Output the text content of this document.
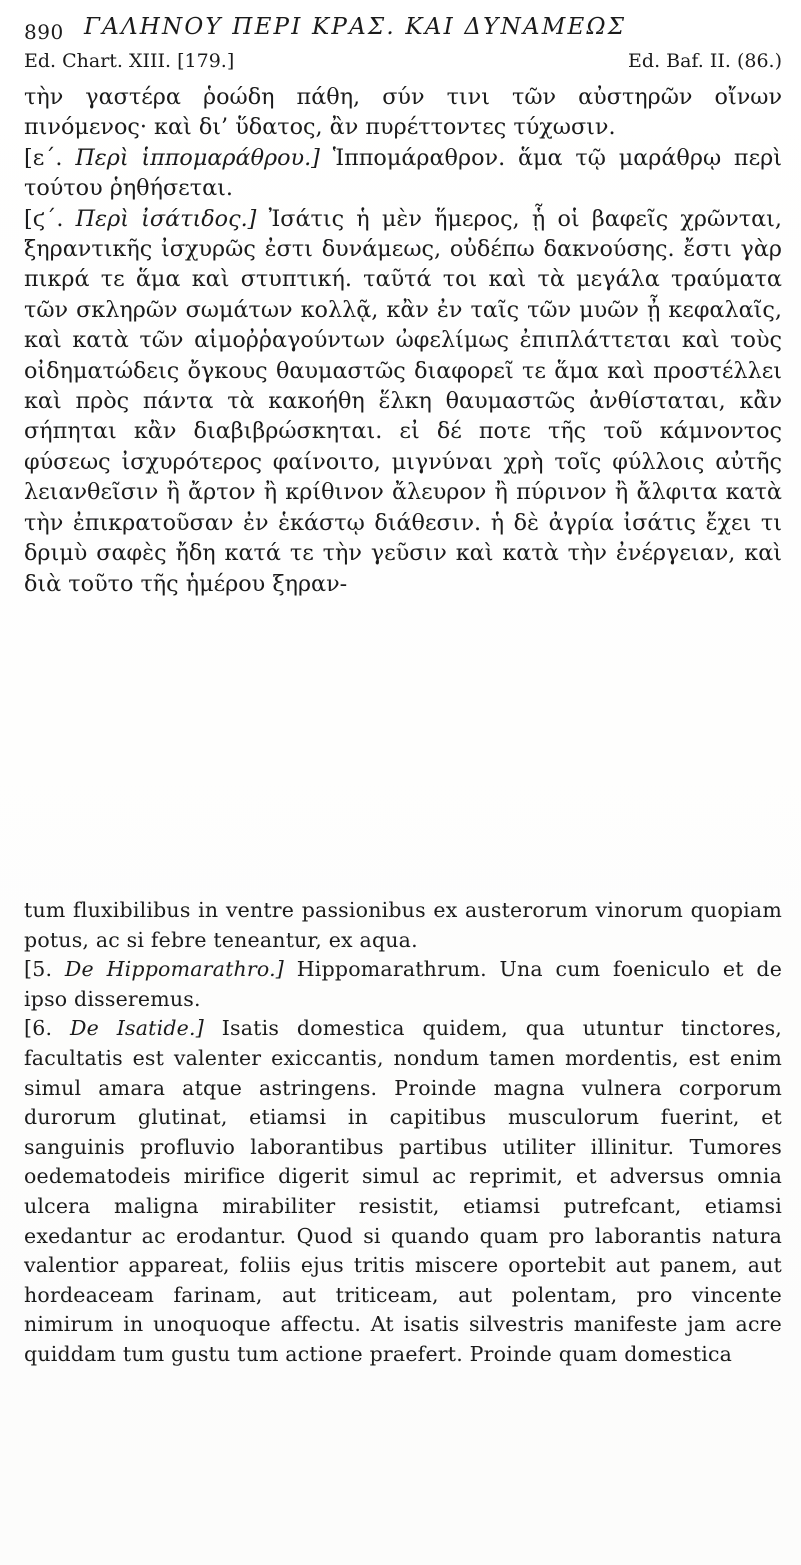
890 ΓΑΛΗΝΟΥ ΠΕΡΙ ΚΡΑΣ. ΚΑΙ ΔΥΝΑΜΕΩΣ
Ed. Chart. XIII. [179.]	Ed. Baf. II. (86.)

τὴν γαστέρα ῥοώδη πάθη, σύν τινι τῶν αὐστηρῶν οἴνων πινόμενος· καὶ δι’ ὕδατος, ἂν πυρέττοντες τύχωσιν.

[ε΄. Περὶ ἱππομαράθρου.] Ἱππομάραθρον. ἅμα τῷ μαράθρῳ περὶ τούτου ῥηθήσεται.

[ϛ΄. Περὶ ἰσάτιδος.] Ἰσάτις ἡ μὲν ἥμερος, ᾗ οἱ βαφεῖς χρῶνται, ξηραντικῆς ἰσχυρῶς ἐστι δυνάμεως, οὐδέπω δακνούσης. ἔστι γὰρ πικρά τε ἅμα καὶ στυπτική. ταῦτά τοι καὶ τὰ μεγάλα τραύματα τῶν σκληρῶν σωμάτων κολλᾷ, κἂν ἐν ταῖς τῶν μυῶν ᾖ κεφαλαῖς, καὶ κατὰ τῶν αἱμοῤῥαγούντων ὠφελίμως ἐπιπλάττεται καὶ τοὺς οἰδηματώδεις ὄγκους θαυμαστῶς διαφορεῖ τε ἅμα καὶ προστέλλει καὶ πρὸς πάντα τὰ κακοήθη ἕλκη θαυμαστῶς ἀνθίσταται, κἂν σήπηται κἂν διαβιβρώσκηται. εἰ δέ ποτε τῆς τοῦ κάμνοντος φύσεως ἰσχυρότερος φαίνοιτο, μιγνύναι χρὴ τοῖς φύλλοις αὐτῆς λειανθεῖσιν ἢ ἄρτον ἢ κρίθινον ἄλευρον ἢ πύρινον ἢ ἄλφιτα κατὰ τὴν ἐπικρατοῦσαν ἐν ἑκάστῳ διάθεσιν. ἡ δὲ ἀγρία ἰσάτις ἔχει τι δριμὺ σαφὲς ἤδη κατά τε τὴν γεῦσιν καὶ κατὰ τὴν ἐνέργειαν, καὶ διὰ τοῦτο τῆς ἡμέρου ξηραν-

tum fluxibilibus in ventre passionibus ex austerorum vinorum quopiam potus, ac si febre teneantur, ex aqua.

[5. De Hippomarathro.] Hippomarathrum. Una cum foeniculo et de ipso disseremus.

[6. De Isatide.] Isatis domestica quidem, qua utuntur tinctores, facultatis est valenter exiccantis, nondum tamen mordentis, est enim simul amara atque astringens. Proinde magna vulnera corporum durorum glutinat, etiamsi in capitibus musculorum fuerint, et sanguinis profluvio laborantibus partibus utiliter illinitur. Tumores oedematodeis mirifice digerit simul ac reprimit, et adversus omnia ulcera maligna mirabiliter resistit, etiamsi putrefcant, etiamsi exedantur ac erodantur. Quod si quando quam pro laborantis natura valentior appareat, foliis ejus tritis miscere oportebit aut panem, aut hordeaceam farinam, aut triticeam, aut polentam, pro vincente nimirum in unoquoque affectu. At isatis silvestris manifeste jam acre quiddam tum gustu tum actione praefert. Proinde quam domestica
